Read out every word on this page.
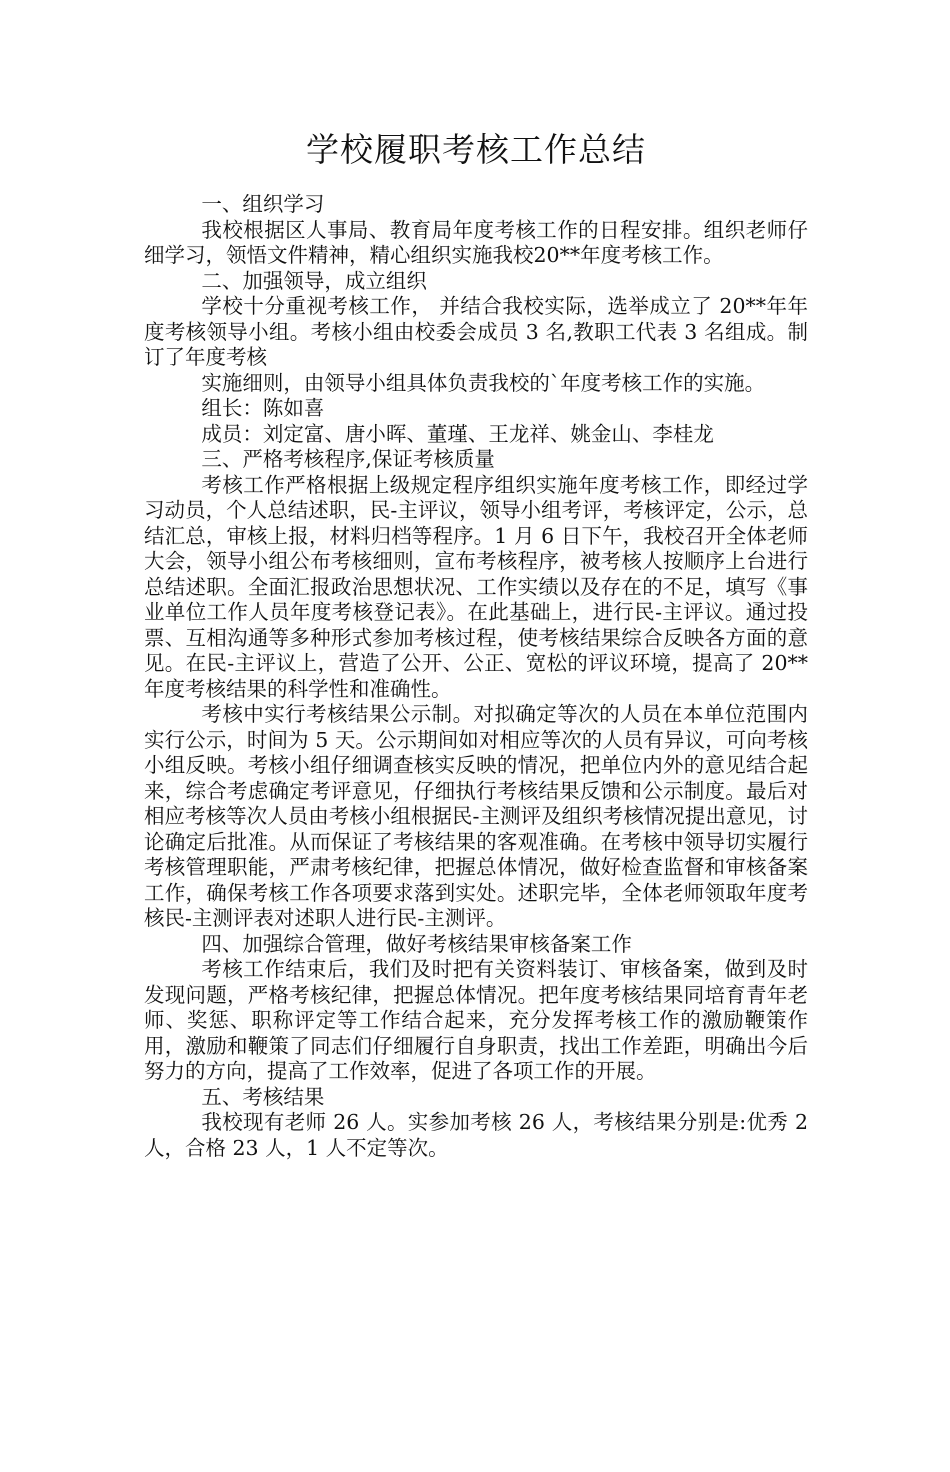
学校履职考核工作总结

一、组织学习

我校根据区人事局、教育局年度考核工作的日程安排。组织老师仔细学习，领悟文件精神，精心组织实施我校20**年度考核工作。

二、加强领导，成立组织

学校十分重视考核工作， 并结合我校实际，选举成立了 20**年年度考核领导小组。考核小组由校委会成员 3 名,教职工代表 3 名组成。制订了年度考核

实施细则，由领导小组具体负责我校的`年度考核工作的实施。

组长：陈如喜

成员：刘定富、唐小晖、董瑾、王龙祥、姚金山、李桂龙

三、严格考核程序,保证考核质量

考核工作严格根据上级规定程序组织实施年度考核工作，即经过学习动员，个人总结述职，民-主评议，领导小组考评，考核评定，公示，总结汇总，审核上报，材料归档等程序。1 月 6 日下午，我校召开全体老师大会，领导小组公布考核细则，宣布考核程序，被考核人按顺序上台进行总结述职。全面汇报政治思想状况、工作实绩以及存在的不足，填写《事业单位工作人员年度考核登记表》。在此基础上，进行民-主评议。通过投票、互相沟通等多种形式参加考核过程，使考核结果综合反映各方面的意见。在民-主评议上，营造了公开、公正、宽松的评议环境，提高了 20**年度考核结果的科学性和准确性。

考核中实行考核结果公示制。对拟确定等次的人员在本单位范围内实行公示，时间为 5 天。公示期间如对相应等次的人员有异议，可向考核小组反映。考核小组仔细调查核实反映的情况，把单位内外的意见结合起来，综合考虑确定考评意见，仔细执行考核结果反馈和公示制度。最后对相应考核等次人员由考核小组根据民-主测评及组织考核情况提出意见，讨论确定后批准。从而保证了考核结果的客观准确。在考核中领导切实履行考核管理职能，严肃考核纪律，把握总体情况，做好检查监督和审核备案工作，确保考核工作各项要求落到实处。述职完毕，全体老师领取年度考核民-主测评表对述职人进行民-主测评。

四、加强综合管理，做好考核结果审核备案工作

考核工作结束后，我们及时把有关资料装订、审核备案，做到及时发现问题，严格考核纪律，把握总体情况。把年度考核结果同培育青年老师、奖惩、职称评定等工作结合起来，充分发挥考核工作的激励鞭策作用，激励和鞭策了同志们仔细履行自身职责，找出工作差距，明确出今后努力的方向，提高了工作效率，促进了各项工作的开展。

五、考核结果

我校现有老师 26 人。实参加考核 26 人，考核结果分别是:优秀 2 人，合格 23 人，1 人不定等次。
